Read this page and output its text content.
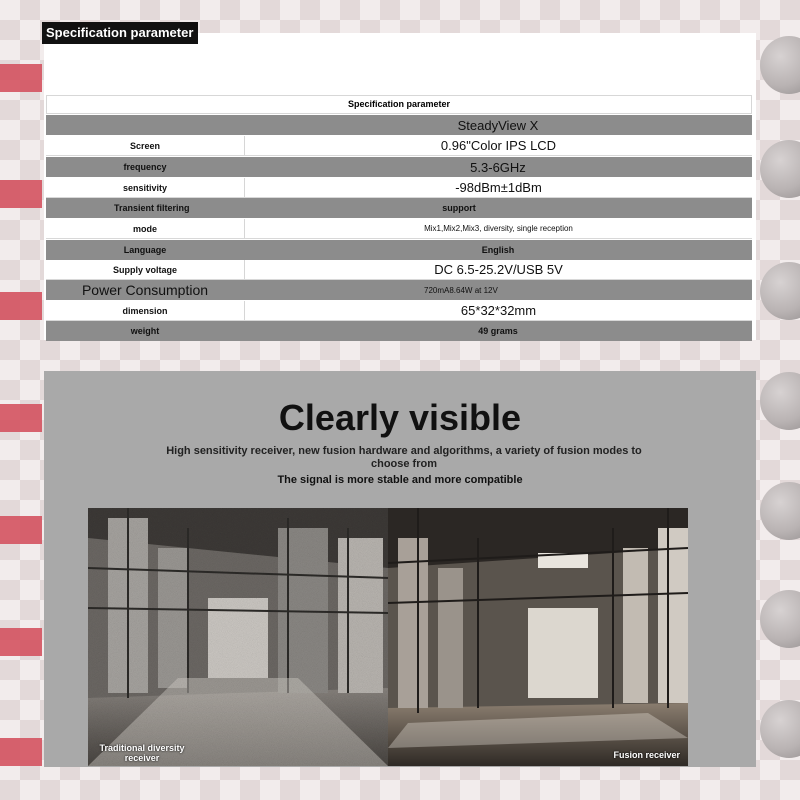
Specification parameter
SteadyView X
Screen	0.96"Color IPS LCD
frequency	5.3-6GHz
sensitivity	-98dBm±1dBm
Transient filtering	support
mode	Mix1,Mix2,Mix3, diversity, single reception
Language	English
Supply voltage	DC 6.5-25.2V/USB 5V
Power Consumption	720mA8.64W at 12V
dimension	65*32*32mm
weight	49 grams
Specification parameter
Clearly visible
High sensitivity receiver, new fusion hardware and algorithms, a variety of fusion modes to choose from
The signal is more stable and more compatible
Traditional diversity receiver	Fusion receiver
